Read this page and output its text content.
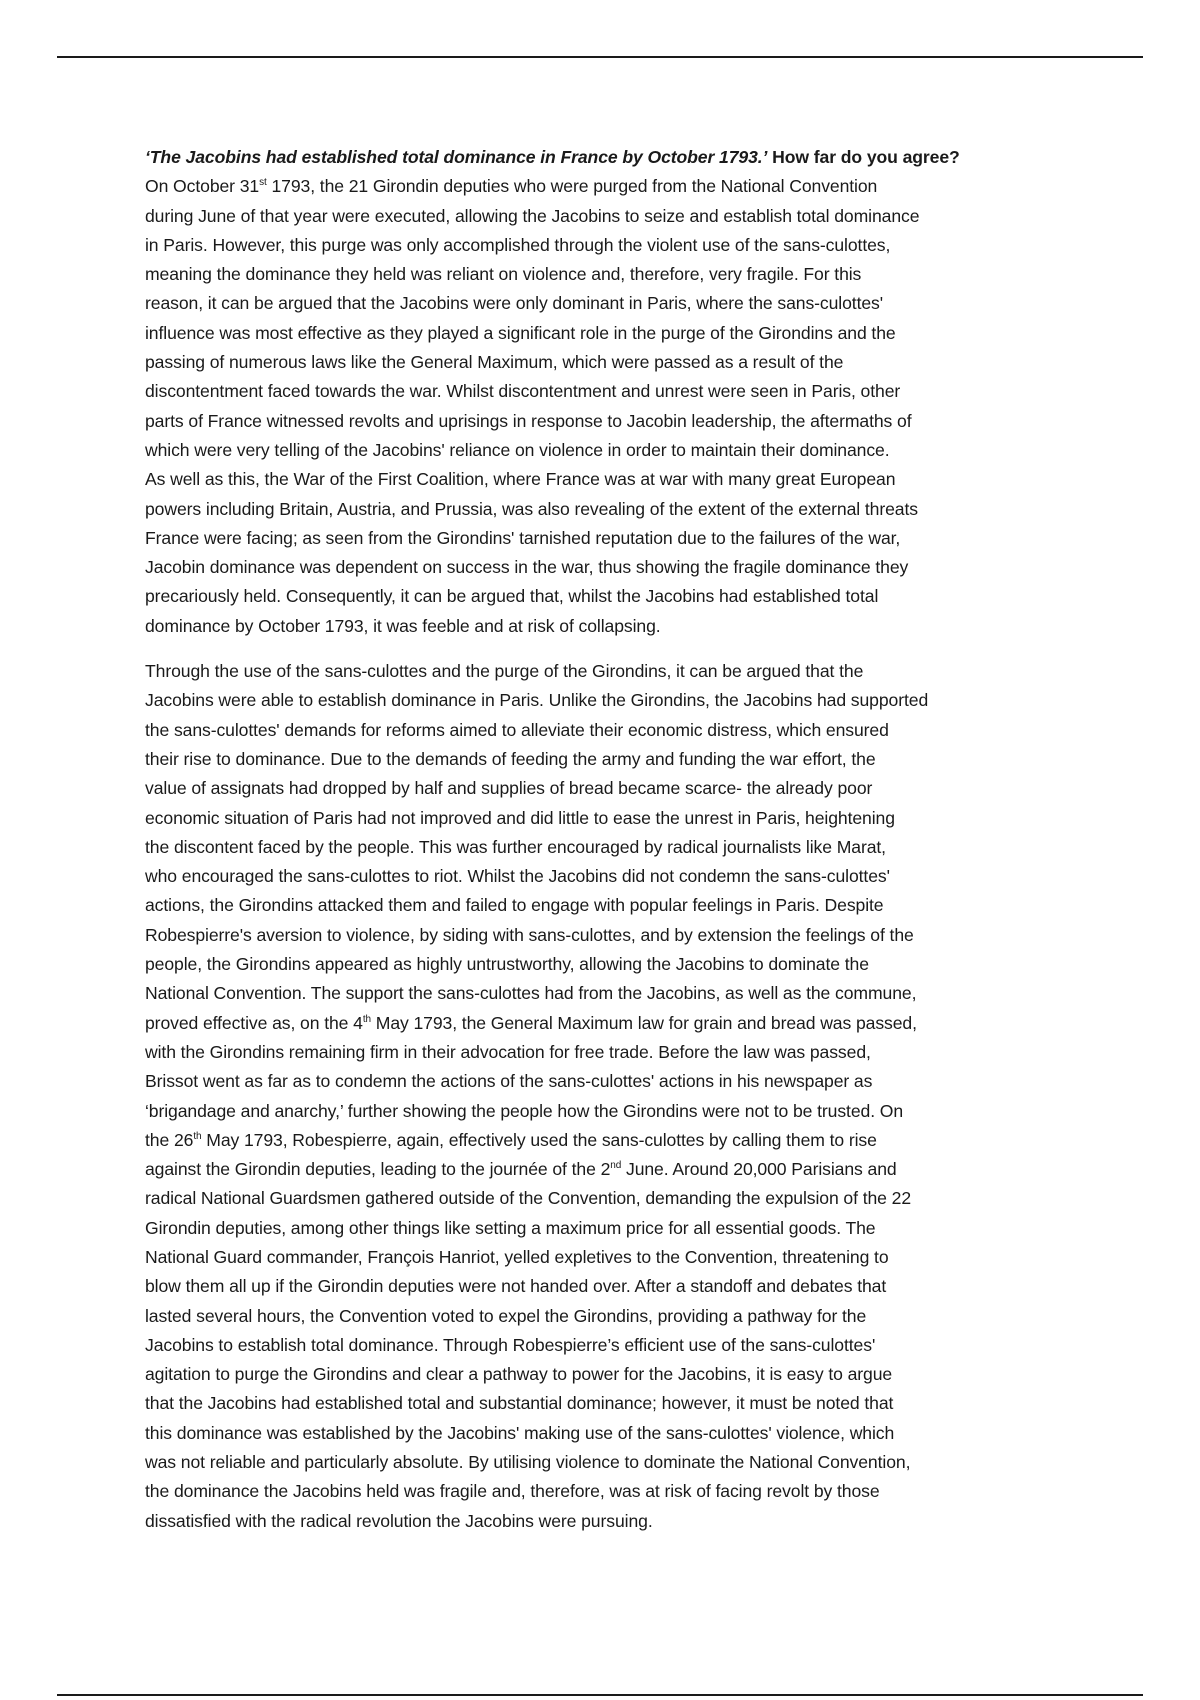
‘The Jacobins had established total dominance in France by October 1793.’ How far do you agree?
On October 31st 1793, the 21 Girondin deputies who were purged from the National Convention
during June of that year were executed, allowing the Jacobins to seize and establish total dominance
in Paris. However, this purge was only accomplished through the violent use of the sans-culottes,
meaning the dominance they held was reliant on violence and, therefore, very fragile. For this
reason, it can be argued that the Jacobins were only dominant in Paris, where the sans-culottes'
influence was most effective as they played a significant role in the purge of the Girondins and the
passing of numerous laws like the General Maximum, which were passed as a result of the
discontentment faced towards the war. Whilst discontentment and unrest were seen in Paris, other
parts of France witnessed revolts and uprisings in response to Jacobin leadership, the aftermaths of
which were very telling of the Jacobins' reliance on violence in order to maintain their dominance.
As well as this, the War of the First Coalition, where France was at war with many great European
powers including Britain, Austria, and Prussia, was also revealing of the extent of the external threats
France were facing; as seen from the Girondins' tarnished reputation due to the failures of the war,
Jacobin dominance was dependent on success in the war, thus showing the fragile dominance they
precariously held. Consequently, it can be argued that, whilst the Jacobins had established total
dominance by October 1793, it was feeble and at risk of collapsing.
Through the use of the sans-culottes and the purge of the Girondins, it can be argued that the
Jacobins were able to establish dominance in Paris. Unlike the Girondins, the Jacobins had supported
the sans-culottes' demands for reforms aimed to alleviate their economic distress, which ensured
their rise to dominance. Due to the demands of feeding the army and funding the war effort, the
value of assignats had dropped by half and supplies of bread became scarce- the already poor
economic situation of Paris had not improved and did little to ease the unrest in Paris, heightening
the discontent faced by the people. This was further encouraged by radical journalists like Marat,
who encouraged the sans-culottes to riot. Whilst the Jacobins did not condemn the sans-culottes'
actions, the Girondins attacked them and failed to engage with popular feelings in Paris. Despite
Robespierre's aversion to violence, by siding with sans-culottes, and by extension the feelings of the
people, the Girondins appeared as highly untrustworthy, allowing the Jacobins to dominate the
National Convention. The support the sans-culottes had from the Jacobins, as well as the commune,
proved effective as, on the 4th May 1793, the General Maximum law for grain and bread was passed,
with the Girondins remaining firm in their advocation for free trade. Before the law was passed,
Brissot went as far as to condemn the actions of the sans-culottes' actions in his newspaper as
‘brigandage and anarchy,’ further showing the people how the Girondins were not to be trusted. On
the 26th May 1793, Robespierre, again, effectively used the sans-culottes by calling them to rise
against the Girondin deputies, leading to the journée of the 2nd June. Around 20,000 Parisians and
radical National Guardsmen gathered outside of the Convention, demanding the expulsion of the 22
Girondin deputies, among other things like setting a maximum price for all essential goods. The
National Guard commander, François Hanriot, yelled expletives to the Convention, threatening to
blow them all up if the Girondin deputies were not handed over. After a standoff and debates that
lasted several hours, the Convention voted to expel the Girondins, providing a pathway for the
Jacobins to establish total dominance. Through Robespierre’s efficient use of the sans-culottes'
agitation to purge the Girondins and clear a pathway to power for the Jacobins, it is easy to argue
that the Jacobins had established total and substantial dominance; however, it must be noted that
this dominance was established by the Jacobins' making use of the sans-culottes' violence, which
was not reliable and particularly absolute. By utilising violence to dominate the National Convention,
the dominance the Jacobins held was fragile and, therefore, was at risk of facing revolt by those
dissatisfied with the radical revolution the Jacobins were pursuing.
